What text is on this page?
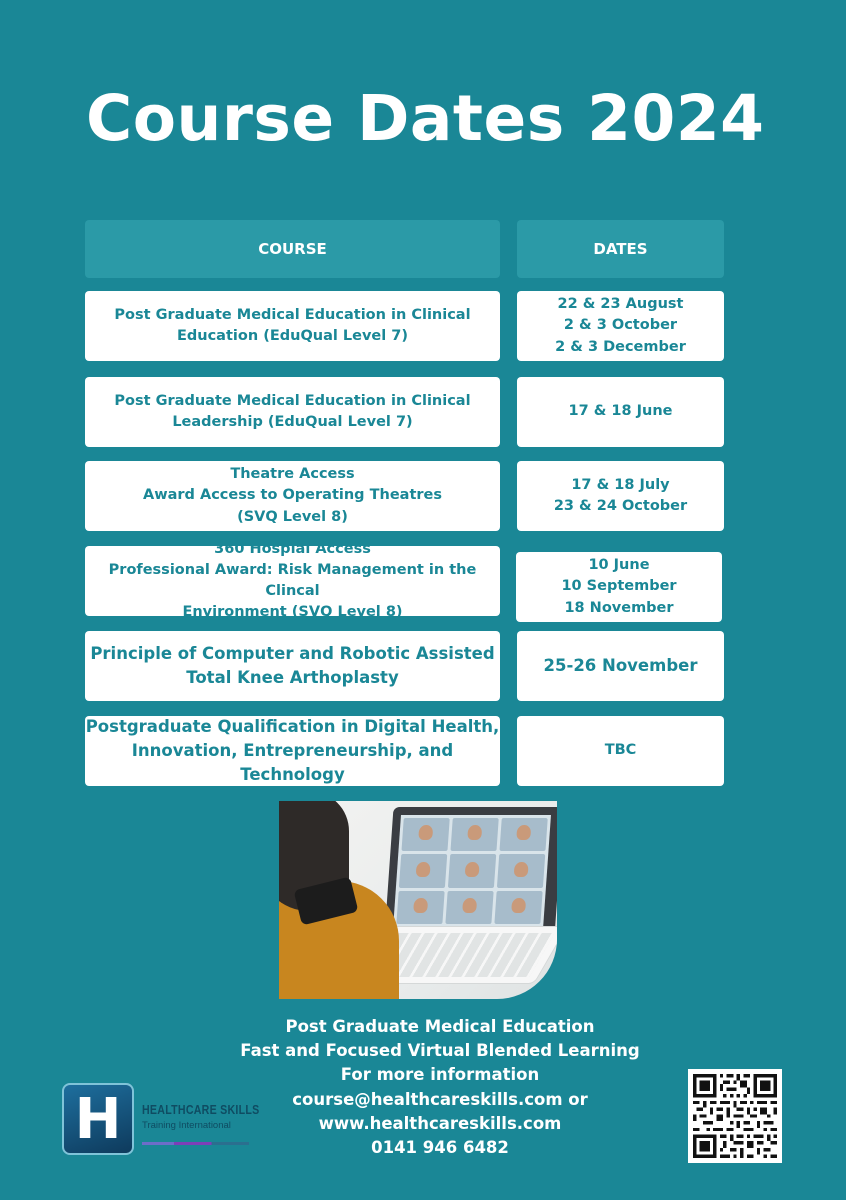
Course Dates 2024
COURSE	DATES
Post Graduate Medical Education in Clinical
Education (EduQual Level 7)
22 & 23 August
2 & 3 October
2 & 3 December
Post Graduate Medical Education in Clinical
Leadership (EduQual Level 7)
17 & 18 June
Theatre Access
Award Access to Operating Theatres
(SVQ Level 8)
17 & 18 July
23 & 24 October
360 Hospial Access
Professional Award: Risk Management in the Clincal
Environment (SVQ Level 8)
10 June
10 September
18 November
Principle of Computer and Robotic Assisted
Total Knee Arthoplasty
25-26 November
Postgraduate Qualification in Digital Health,
Innovation, Entrepreneurship, and Technology
TBC
Post Graduate Medical Education
Fast and Focused Virtual Blended Learning
For more information
course@healthcareskills.com or
www.healthcareskills.com
0141 946 6482
H	HEALTHCARE SKILLS
Training International
